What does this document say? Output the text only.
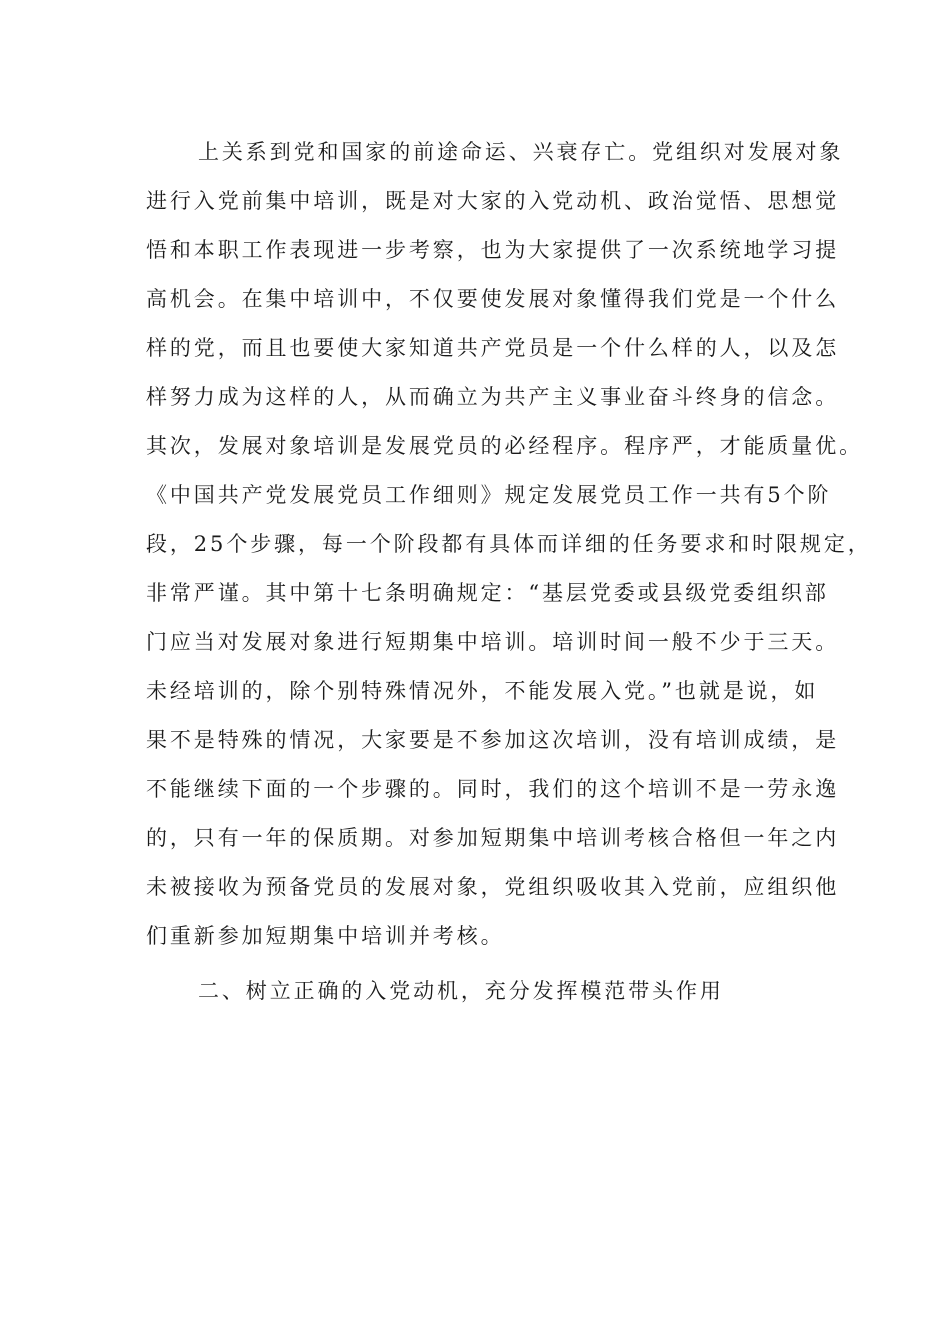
上关系到党和国家的前途命运、兴衰存亡。党组织对发展对象
进行入党前集中培训，既是对大家的入党动机、政治觉悟、思想觉
悟和本职工作表现进一步考察，也为大家提供了一次系统地学习提
高机会。在集中培训中，不仅要使发展对象懂得我们党是一个什么
样的党，而且也要使大家知道共产党员是一个什么样的人，以及怎
样努力成为这样的人，从而确立为共产主义事业奋斗终身的信念。
其次，发展对象培训是发展党员的必经程序。程序严，才能质量优。
《中国共产党发展党员工作细则》规定发展党员工作一共有5个阶
段，25个步骤，每一个阶段都有具体而详细的任务要求和时限规定，
非常严谨。其中第十七条明确规定：“基层党委或县级党委组织部
门应当对发展对象进行短期集中培训。培训时间一般不少于三天。
未经培训的，除个别特殊情况外，不能发展入党。”也就是说，如
果不是特殊的情况，大家要是不参加这次培训，没有培训成绩，是
不能继续下面的一个步骤的。同时，我们的这个培训不是一劳永逸
的，只有一年的保质期。对参加短期集中培训考核合格但一年之内
未被接收为预备党员的发展对象，党组织吸收其入党前，应组织他
们重新参加短期集中培训并考核。
二、树立正确的入党动机，充分发挥模范带头作用
